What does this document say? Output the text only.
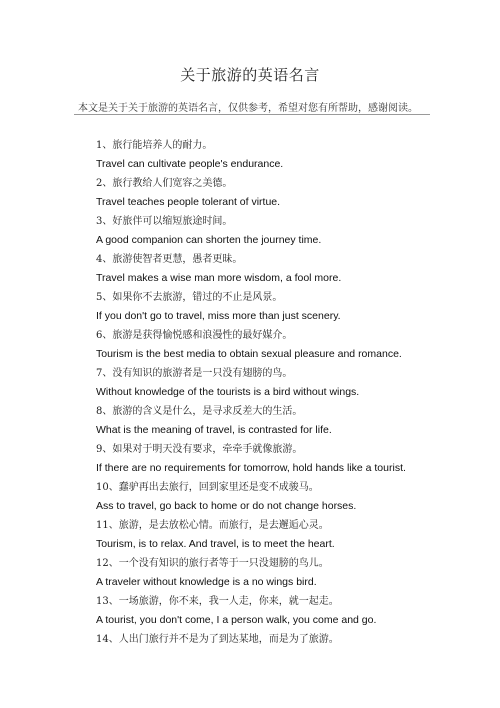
关于旅游的英语名言
本文是关于关于旅游的英语名言，仅供参考，希望对您有所帮助，感谢阅读。
1、旅行能培养人的耐力。
Travel can cultivate people's endurance.
2、旅行教给人们宽容之美德。
Travel teaches people tolerant of virtue.
3、好旅伴可以缩短旅途时间。
A good companion can shorten the journey time.
4、旅游使智者更慧，愚者更昧。
Travel makes a wise man more wisdom, a fool more.
5、如果你不去旅游，错过的不止是风景。
If you don't go to travel, miss more than just scenery.
6、旅游是获得愉悦感和浪漫性的最好媒介。
Tourism is the best media to obtain sexual pleasure and romance.
7、没有知识的旅游者是一只没有翅膀的鸟。
Without knowledge of the tourists is a bird without wings.
8、旅游的含义是什么，是寻求反差大的生活。
What is the meaning of travel, is contrasted for life.
9、如果对于明天没有要求，牵牵手就像旅游。
If there are no requirements for tomorrow, hold hands like a tourist.
10、蠢驴再出去旅行，回到家里还是变不成骏马。
Ass to travel, go back to home or do not change horses.
11、旅游，是去放松心情。而旅行，是去邂逅心灵。
Tourism, is to relax. And travel, is to meet the heart.
12、一个没有知识的旅行者等于一只没翅膀的鸟儿。
A traveler without knowledge is a no wings bird.
13、一场旅游，你不来，我一人走，你来，就一起走。
A tourist, you don't come, I a person walk, you come and go.
14、人出门旅行并不是为了到达某地，而是为了旅游。
